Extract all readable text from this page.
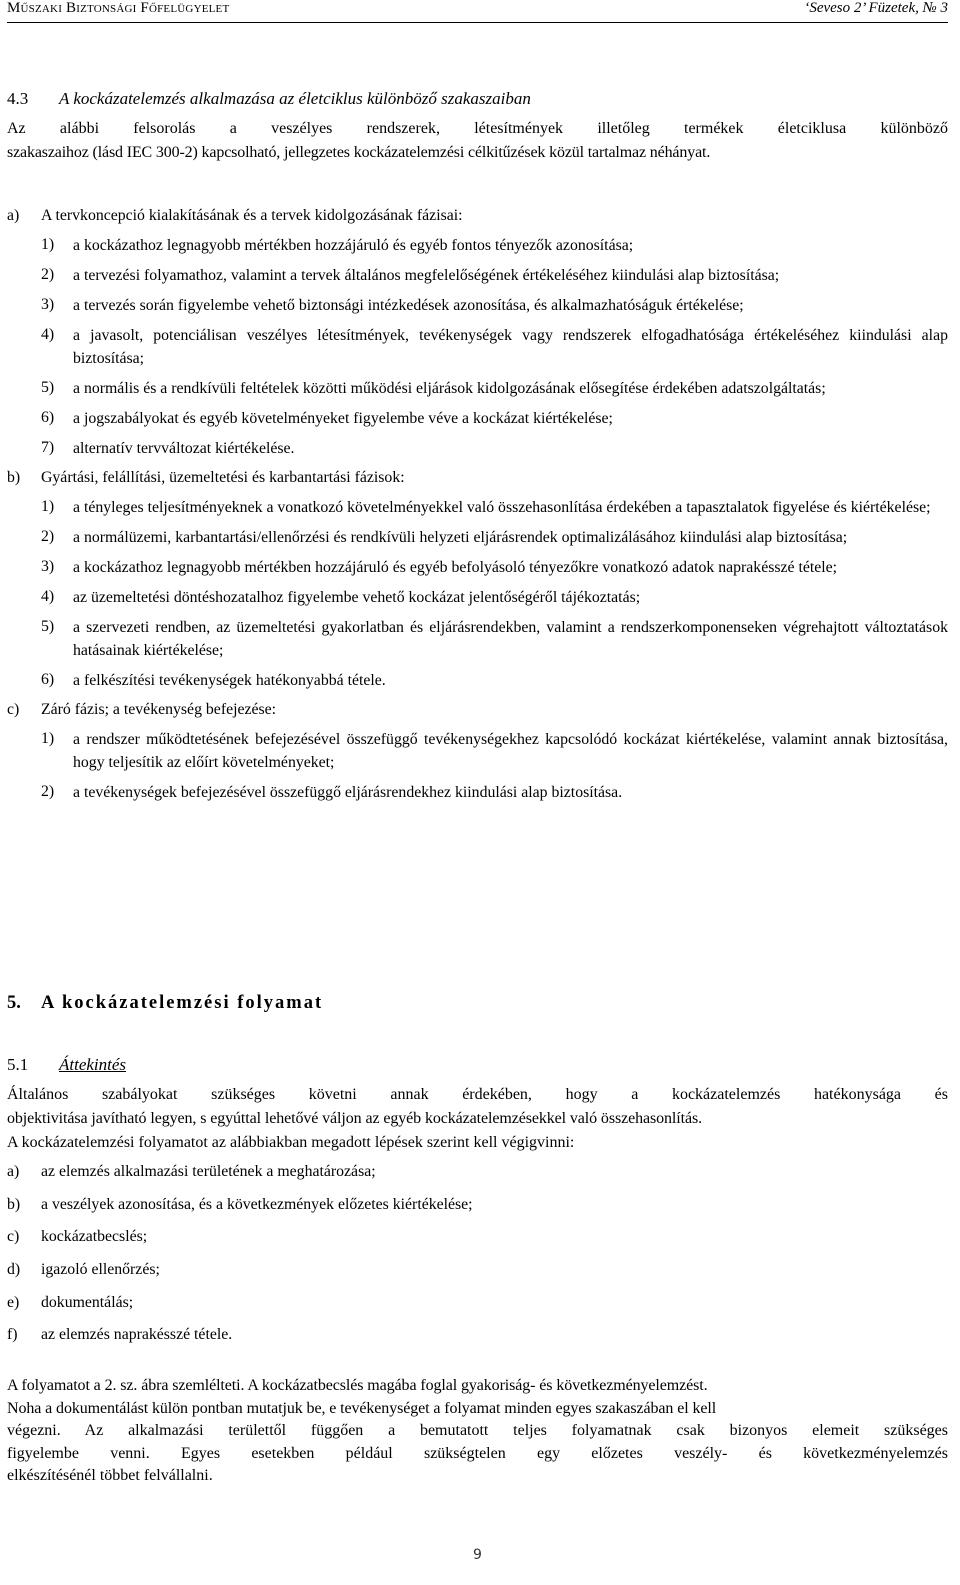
Műszaki Biztonsági Főfelügyelet	‘Seveso 2’ Füzetek, № 3
4.3 A kockázatelemzés alkalmazása az életciklus különböző szakaszaiban
Az alábbi felsorolás a veszélyes rendszerek, létesítmények illetőleg termékek életciklusa különböző
szakaszaihoz (lásd IEC 300-2) kapcsolható, jellegzetes kockázatelemzési célkitűzések közül tartalmaz néhányat.
a)	A tervkoncepció kialakításának és a tervek kidolgozásának fázisai:
1)	a kockázathoz legnagyobb mértékben hozzájáruló és egyéb fontos tényezők azonosítása;
2)	a tervezési folyamathoz, valamint a tervek általános megfelelőségének értékeléséhez kiindulási alap biztosítása;
3)	a tervezés során figyelembe vehető biztonsági intézkedések azonosítása, és alkalmazhatóságuk értékelése;
4)	a javasolt, potenciálisan veszélyes létesítmények, tevékenységek vagy rendszerek elfogadhatósága értékeléséhez kiindulási alap biztosítása;
5)	a normális és a rendkívüli feltételek közötti működési eljárások kidolgozásának elősegítése érdekében adatszolgáltatás;
6)	a jogszabályokat és egyéb követelményeket figyelembe véve a kockázat kiértékelése;
7)	alternatív tervváltozat kiértékelése.
b)	Gyártási, felállítási, üzemeltetési és karbantartási fázisok:
1)	a tényleges teljesítményeknek a vonatkozó követelményekkel való összehasonlítása érdekében a tapasztalatok figyelése és kiértékelése;
2)	a normálüzemi, karbantartási/ellenőrzési és rendkívüli helyzeti eljárásrendek optimalizálásához kiindulási alap biztosítása;
3)	a kockázathoz legnagyobb mértékben hozzájáruló és egyéb befolyásoló tényezőkre vonatkozó adatok naprakésszé tétele;
4)	az üzemeltetési döntéshozatalhoz figyelembe vehető kockázat jelentőségéről tájékoztatás;
5)	a szervezeti rendben, az üzemeltetési gyakorlatban és eljárásrendekben, valamint a rendszerkomponenseken végrehajtott változtatások hatásainak kiértékelése;
6)	a felkészítési tevékenységek hatékonyabbá tétele.
c)	Záró fázis; a tevékenység befejezése:
1)	a rendszer működtetésének befejezésével összefüggő tevékenységekhez kapcsolódó kockázat kiértékelése, valamint annak biztosítása, hogy teljesítik az előírt követelményeket;
2)	a tevékenységek befejezésével összefüggő eljárásrendekhez kiindulási alap biztosítása.
5. A kockázatelemzési folyamat
5.1 Áttekintés
Általános szabályokat szükséges követni annak érdekében, hogy a kockázatelemzés hatékonysága és
objektivitása javítható legyen, s egyúttal lehetővé váljon az egyéb kockázatelemzésekkel való összehasonlítás.
A kockázatelemzési folyamatot az alábbiakban megadott lépések szerint kell végigvinni:
a)	az elemzés alkalmazási területének a meghatározása;
b)	a veszélyek azonosítása, és a következmények előzetes kiértékelése;
c)	kockázatbecslés;
d)	igazoló ellenőrzés;
e)	dokumentálás;
f)	az elemzés naprakésszé tétele.
A folyamatot a 2. sz. ábra szemlélteti. A kockázatbecslés magába foglal gyakoriság- és következményelemzést.
Noha a dokumentálást külön pontban mutatjuk be, e tevékenységet a folyamat minden egyes szakaszában el kell
végezni. Az alkalmazási területtől függően a bemutatott teljes folyamatnak csak bizonyos elemeit szükséges
figyelembe venni. Egyes esetekben például szükségtelen egy előzetes veszély- és következményelemzés
elkészítésénél többet felvállalni.
9
